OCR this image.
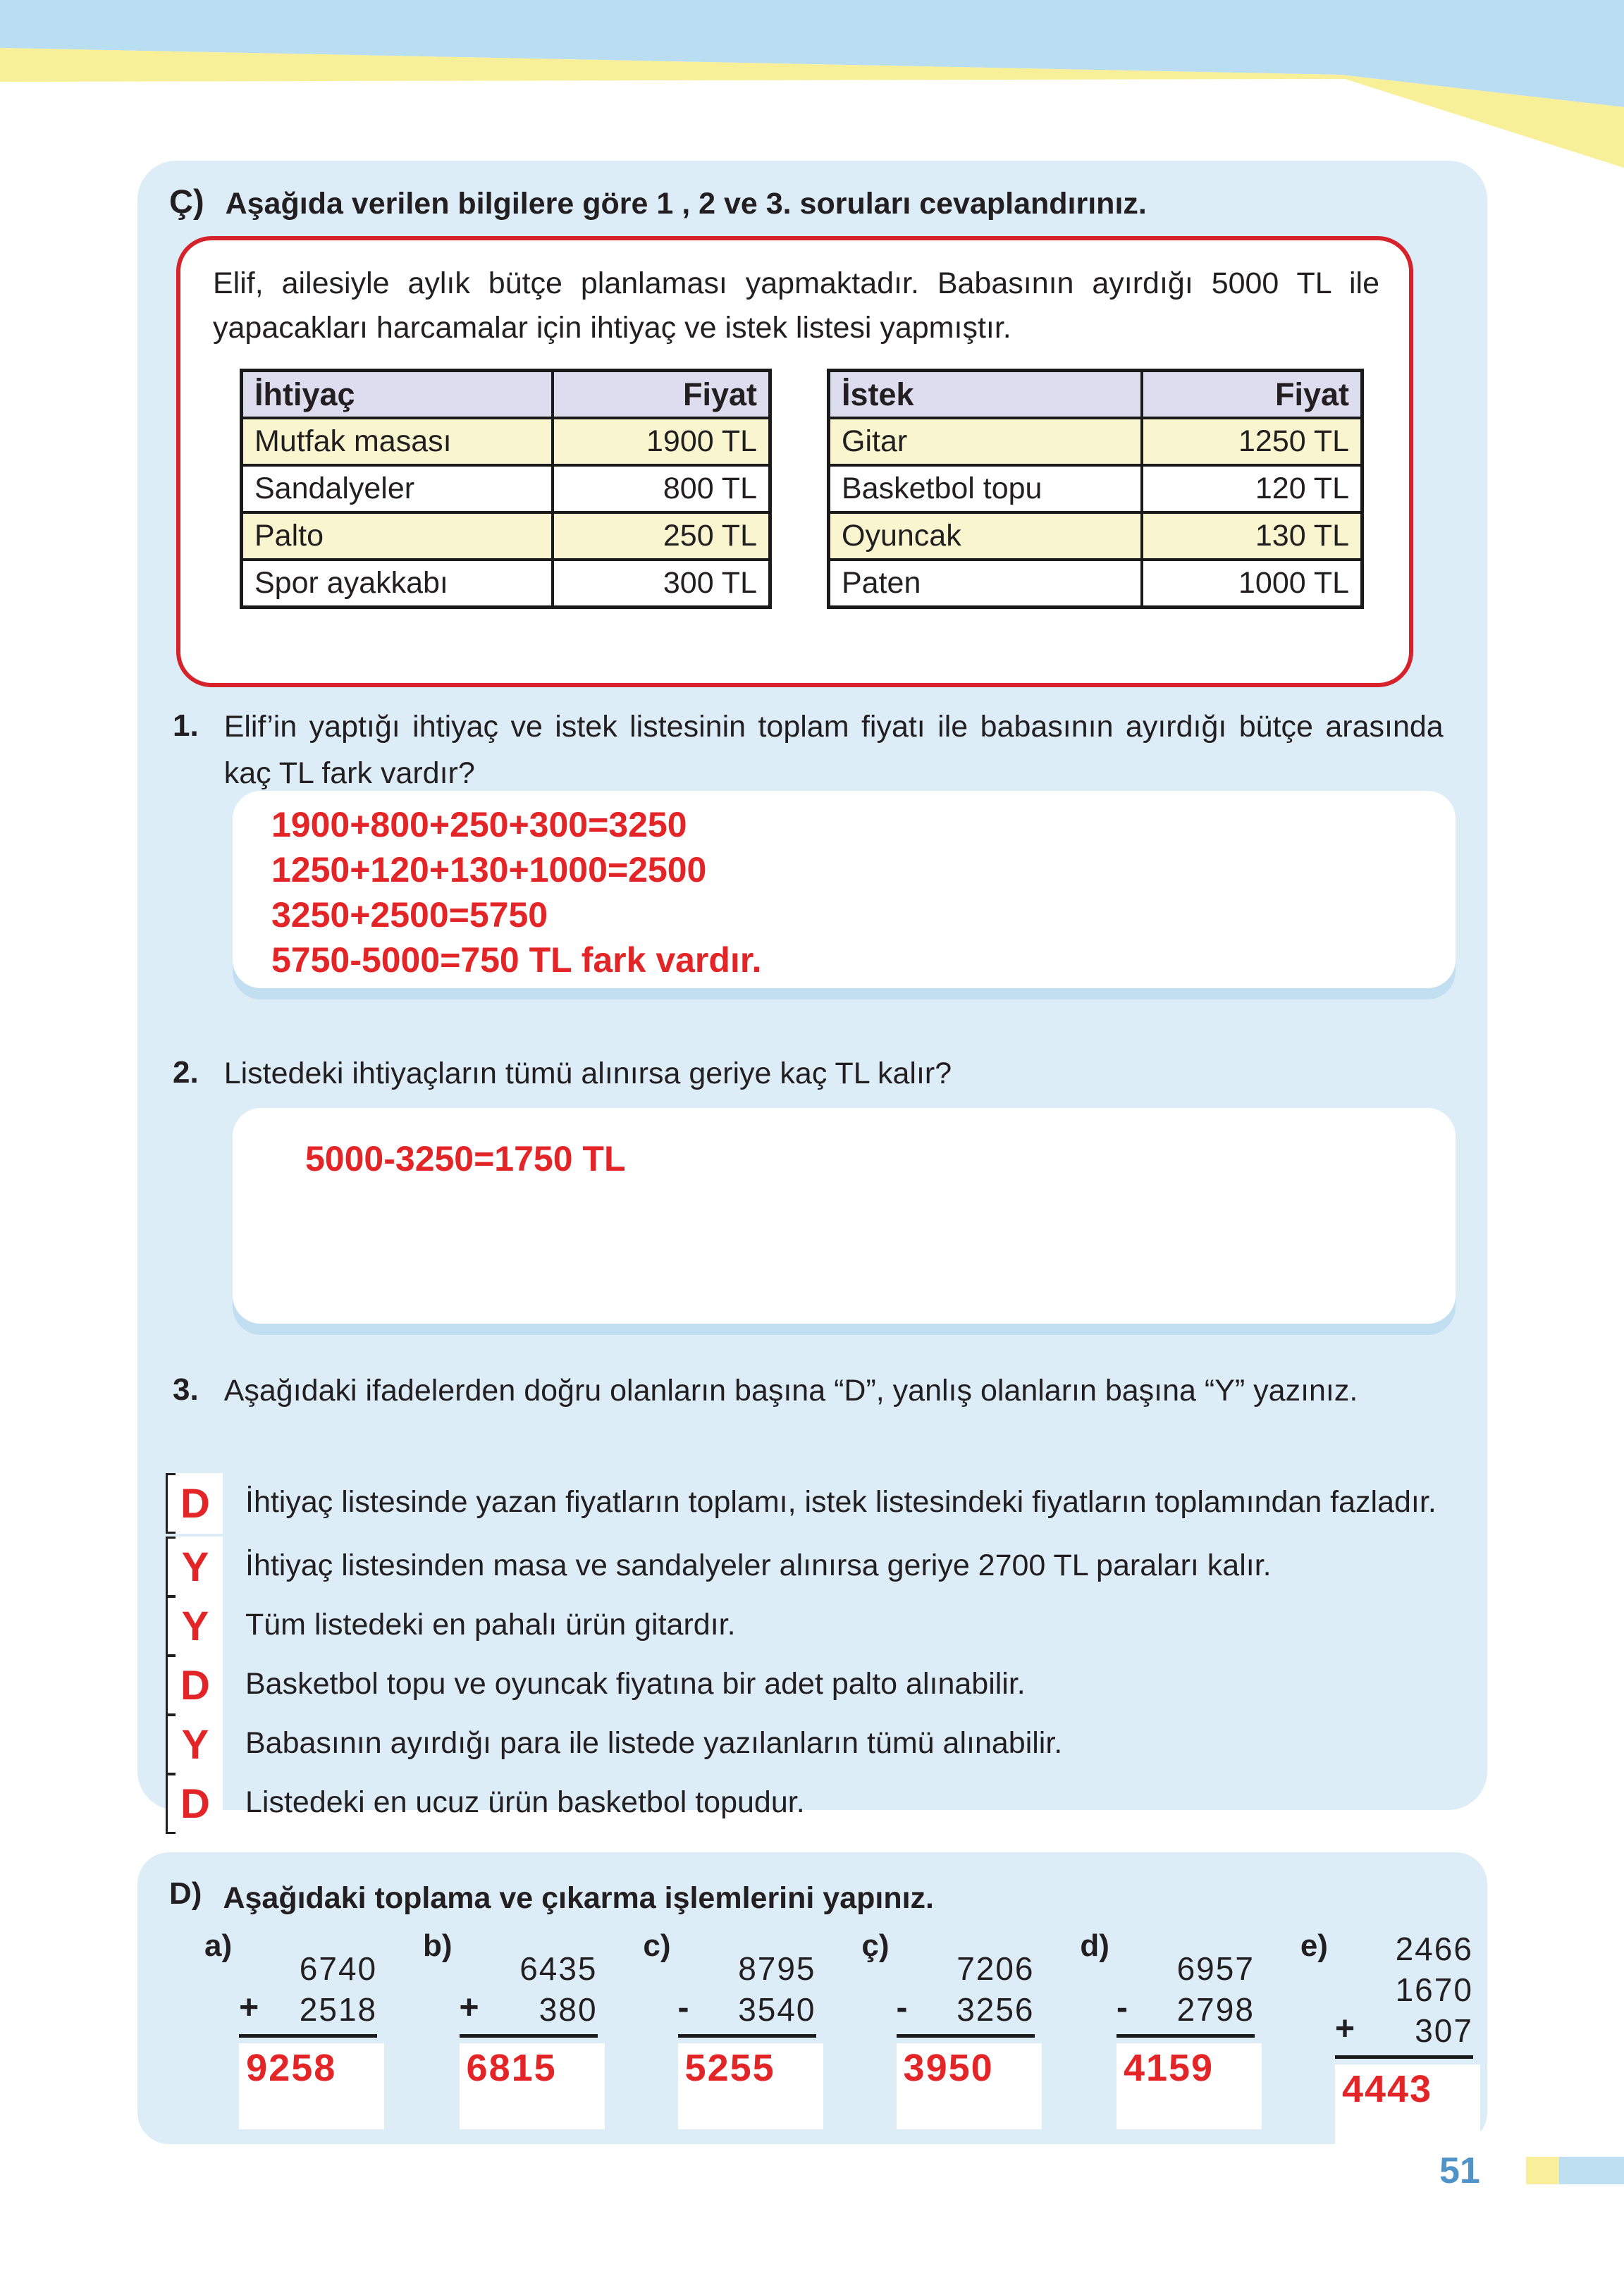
Ç) Aşağıda verilen bilgilere göre 1 , 2 ve 3. soruları cevaplandırınız.

Elif, ailesiyle aylık bütçe planlaması yapmaktadır. Babasının ayırdığı 5000 TL ile yapacakları harcamalar için ihtiyaç ve istek listesi yapmıştır.

İhtiyaç	Fiyat
Mutfak masası	1900 TL
Sandalyeler	800 TL
Palto	250 TL
Spor ayakkabı	300 TL
İstek	Fiyat
Gitar	1250 TL
Basketbol topu	120 TL
Oyuncak	130 TL
Paten	1000 TL
1. Elif’in yaptığı ihtiyaç ve istek listesinin toplam fiyatı ile babasının ayırdığı bütçe arasında kaç TL fark vardır?
1900+800+250+300=3250
1250+120+130+1000=2500
3250+2500=5750
5750-5000=750 TL fark vardır.
2. Listedeki ihtiyaçların tümü alınırsa geriye kaç TL kalır?
5000-3250=1750 TL
3. Aşağıdaki ifadelerden doğru olanların başına “D”, yanlış olanların başına “Y” yazınız.
D İhtiyaç listesinde yazan fiyatların toplamı, istek listesindeki fiyatların toplamından fazladır.
Y İhtiyaç listesinden masa ve sandalyeler alınırsa geriye 2700 TL paraları kalır.
Y Tüm listedeki en pahalı ürün gitardır.
D Basketbol topu ve oyuncak fiyatına bir adet palto alınabilir.
Y Babasının ayırdığı para ile listede yazılanların tümü alınabilir.
D Listedeki en ucuz ürün basketbol topudur.
D) Aşağıdaki toplama ve çıkarma işlemlerini yapınız.
a)
+
6740
2518
9258
b)
+
6435
380
6815
c)
-
8795
3540
5255
ç)
-
7206
3256
3950
d)
-
6957
2798
4159
e)
+
2466
1670
307
4443
51
